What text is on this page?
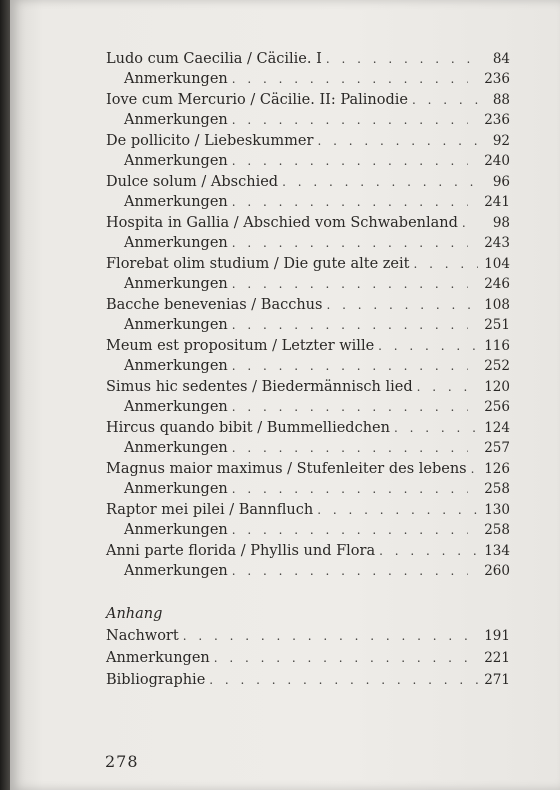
Ludo cum Caecilia / Cäcilie. I . . .	84
Anmerkungen . . .	236
Iove cum Mercurio / Cäcilie. II: Palinodie . . .	88
Anmerkungen . . .	236
De pollicito / Liebeskummer . . .	92
Anmerkungen . . .	240
Dulce solum / Abschied . . .	96
Anmerkungen . . .	241
Hospita in Gallia / Abschied vom Schwabenland . . .	98
Anmerkungen . . .	243
Florebat olim studium / Die gute alte zeit . . .	104
Anmerkungen . . .	246
Bacche benevenias / Bacchus . . .	108
Anmerkungen . . .	251
Meum est propositum / Letzter wille . . .	116
Anmerkungen . . .	252
Simus hic sedentes / Biedermännisch lied . . .	120
Anmerkungen . . .	256
Hircus quando bibit / Bummelliedchen . . .	124
Anmerkungen . . .	257
Magnus maior maximus / Stufenleiter des lebens . . . 126
Anmerkungen . . .	258
Raptor mei pilei / Bannfluch . . .	130
Anmerkungen . . .	258
Anni parte florida / Phyllis und Flora . . .	134
Anmerkungen . . .	260
Anhang
Nachwort . . .	191
Anmerkungen . . .	221
Bibliographie . . .	271
278
